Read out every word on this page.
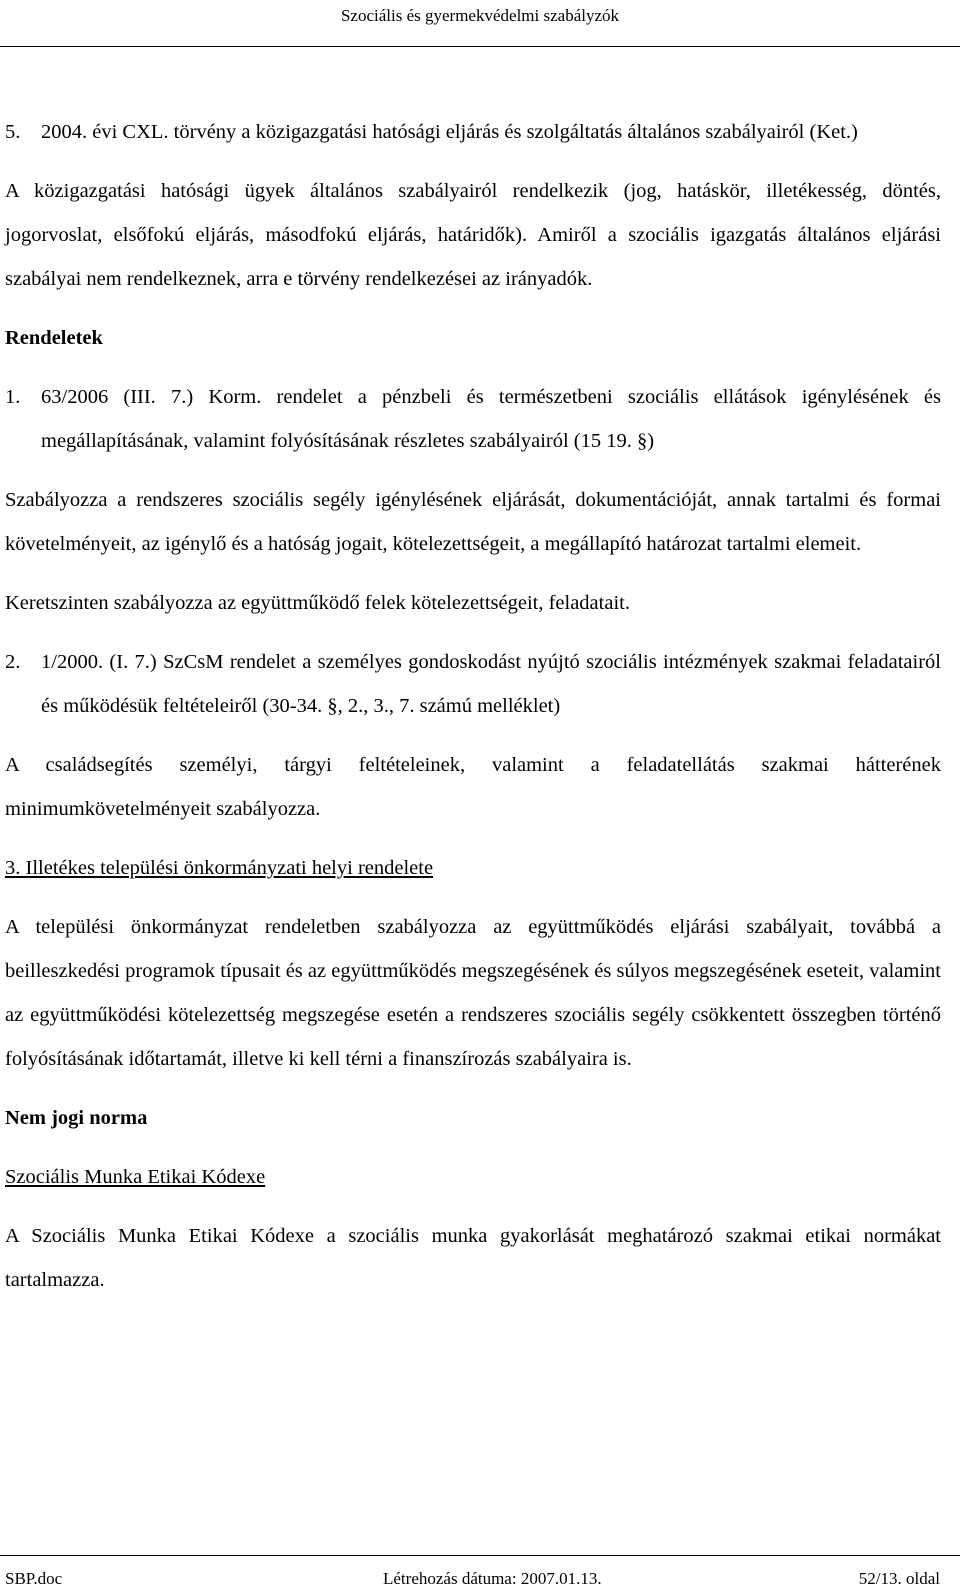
Szociális és gyermekvédelmi szabályzók
5. 2004. évi CXL. törvény a közigazgatási hatósági eljárás és szolgáltatás általános szabályairól (Ket.)

A közigazgatási hatósági ügyek általános szabályairól rendelkezik (jog, hatáskör, illetékesség, döntés, jogorvoslat, elsőfokú eljárás, másodfokú eljárás, határidők). Amiről a szociális igazgatás általános eljárási szabályai nem rendelkeznek, arra e törvény rendelkezései az irányadók.

Rendeletek

1. 63/2006 (III. 7.) Korm. rendelet a pénzbeli és természetbeni szociális ellátások igénylésének és megállapításának, valamint folyósításának részletes szabályairól (15 19. §)

Szabályozza a rendszeres szociális segély igénylésének eljárását, dokumentációját, annak tartalmi és formai követelményeit, az igénylő és a hatóság jogait, kötelezettségeit, a megállapító határozat tartalmi elemeit.

Keretszinten szabályozza az együttműködő felek kötelezettségeit, feladatait.

2. 1/2000. (I. 7.) SzCsM rendelet a személyes gondoskodást nyújtó szociális intézmények szakmai feladatairól és működésük feltételeiről (30-34. §, 2., 3., 7. számú melléklet)

A családsegítés személyi, tárgyi feltételeinek, valamint a feladatellátás szakmai hátterének minimumkövetelményeit szabályozza.

3. Illetékes települési önkormányzati helyi rendelete

A települési önkormányzat rendeletben szabályozza az együttműködés eljárási szabályait, továbbá a beilleszkedési programok típusait és az együttműködés megszegésének és súlyos megszegésének eseteit, valamint az együttműködési kötelezettség megszegése esetén a rendszeres szociális segély csökkentett összegben történő folyósításának időtartamát, illetve ki kell térni a finanszírozás szabályaira is.

Nem jogi norma

Szociális Munka Etikai Kódexe

A Szociális Munka Etikai Kódexe a szociális munka gyakorlását meghatározó szakmai etikai normákat tartalmazza.

SBP.doc	Létrehozás dátuma: 2007.01.13.	52/13. oldal
